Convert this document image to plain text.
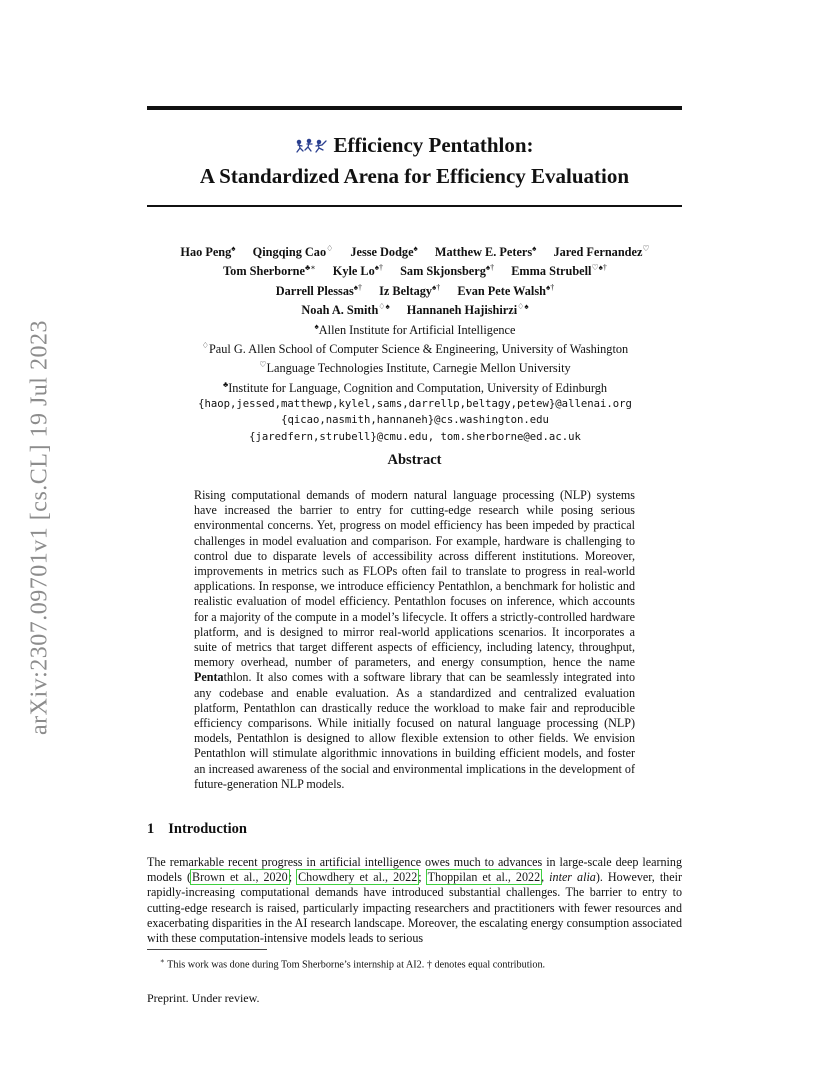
arXiv:2307.09701v1 [cs.CL] 19 Jul 2023
Efficiency Pentathlon:
A Standardized Arena for Efficiency Evaluation
Hao Peng♠ Qingqing Cao♢ Jesse Dodge♠ Matthew E. Peters♠ Jared Fernandez♡
Tom Sherborne♣∗ Kyle Lo♠† Sam Skjonsberg♠† Emma Strubell♡♠†
Darrell Plessas♠† Iz Beltagy♠† Evan Pete Walsh♠†
Noah A. Smith♢♠ Hannaneh Hajishirzi♢♠
♠Allen Institute for Artificial Intelligence
♢Paul G. Allen School of Computer Science & Engineering, University of Washington
♡Language Technologies Institute, Carnegie Mellon University
♣Institute for Language, Cognition and Computation, University of Edinburgh
{haop,jessed,matthewp,kylel,sams,darrellp,beltagy,petew}@allenai.org
{qicao,nasmith,hannaneh}@cs.washington.edu
{jaredfern,strubell}@cmu.edu, tom.sherborne@ed.ac.uk
Abstract
Rising computational demands of modern natural language processing (NLP) systems have increased the barrier to entry for cutting-edge research while posing serious environmental concerns. Yet, progress on model efficiency has been impeded by practical challenges in model evaluation and comparison. For example, hardware is challenging to control due to disparate levels of accessibility across different institutions. Moreover, improvements in metrics such as FLOPs often fail to translate to progress in real-world applications. In response, we introduce efficiency Pentathlon, a benchmark for holistic and realistic evaluation of model efficiency. Pentathlon focuses on inference, which accounts for a majority of the compute in a model’s lifecycle. It offers a strictly-controlled hardware platform, and is designed to mirror real-world applications scenarios. It incorporates a suite of metrics that target different aspects of efficiency, including latency, throughput, memory overhead, number of parameters, and energy consumption, hence the name Pentathlon. It also comes with a software library that can be seamlessly integrated into any codebase and enable evaluation. As a standardized and centralized evaluation platform, Pentathlon can drastically reduce the workload to make fair and reproducible efficiency comparisons. While initially focused on natural language processing (NLP) models, Pentathlon is designed to allow flexible extension to other fields. We envision Pentathlon will stimulate algorithmic innovations in building efficient models, and foster an increased awareness of the social and environmental implications in the development of future-generation NLP models.
1 Introduction
The remarkable recent progress in artificial intelligence owes much to advances in large-scale deep learning models (Brown et al., 2020; Chowdhery et al., 2022; Thoppilan et al., 2022, inter alia). However, their rapidly-increasing computational demands have introduced substantial challenges. The barrier to entry to cutting-edge research is raised, particularly impacting researchers and practitioners with fewer resources and exacerbating disparities in the AI research landscape. Moreover, the escalating energy consumption associated with these computation-intensive models leads to serious
∗ This work was done during Tom Sherborne’s internship at AI2. † denotes equal contribution.
Preprint. Under review.
